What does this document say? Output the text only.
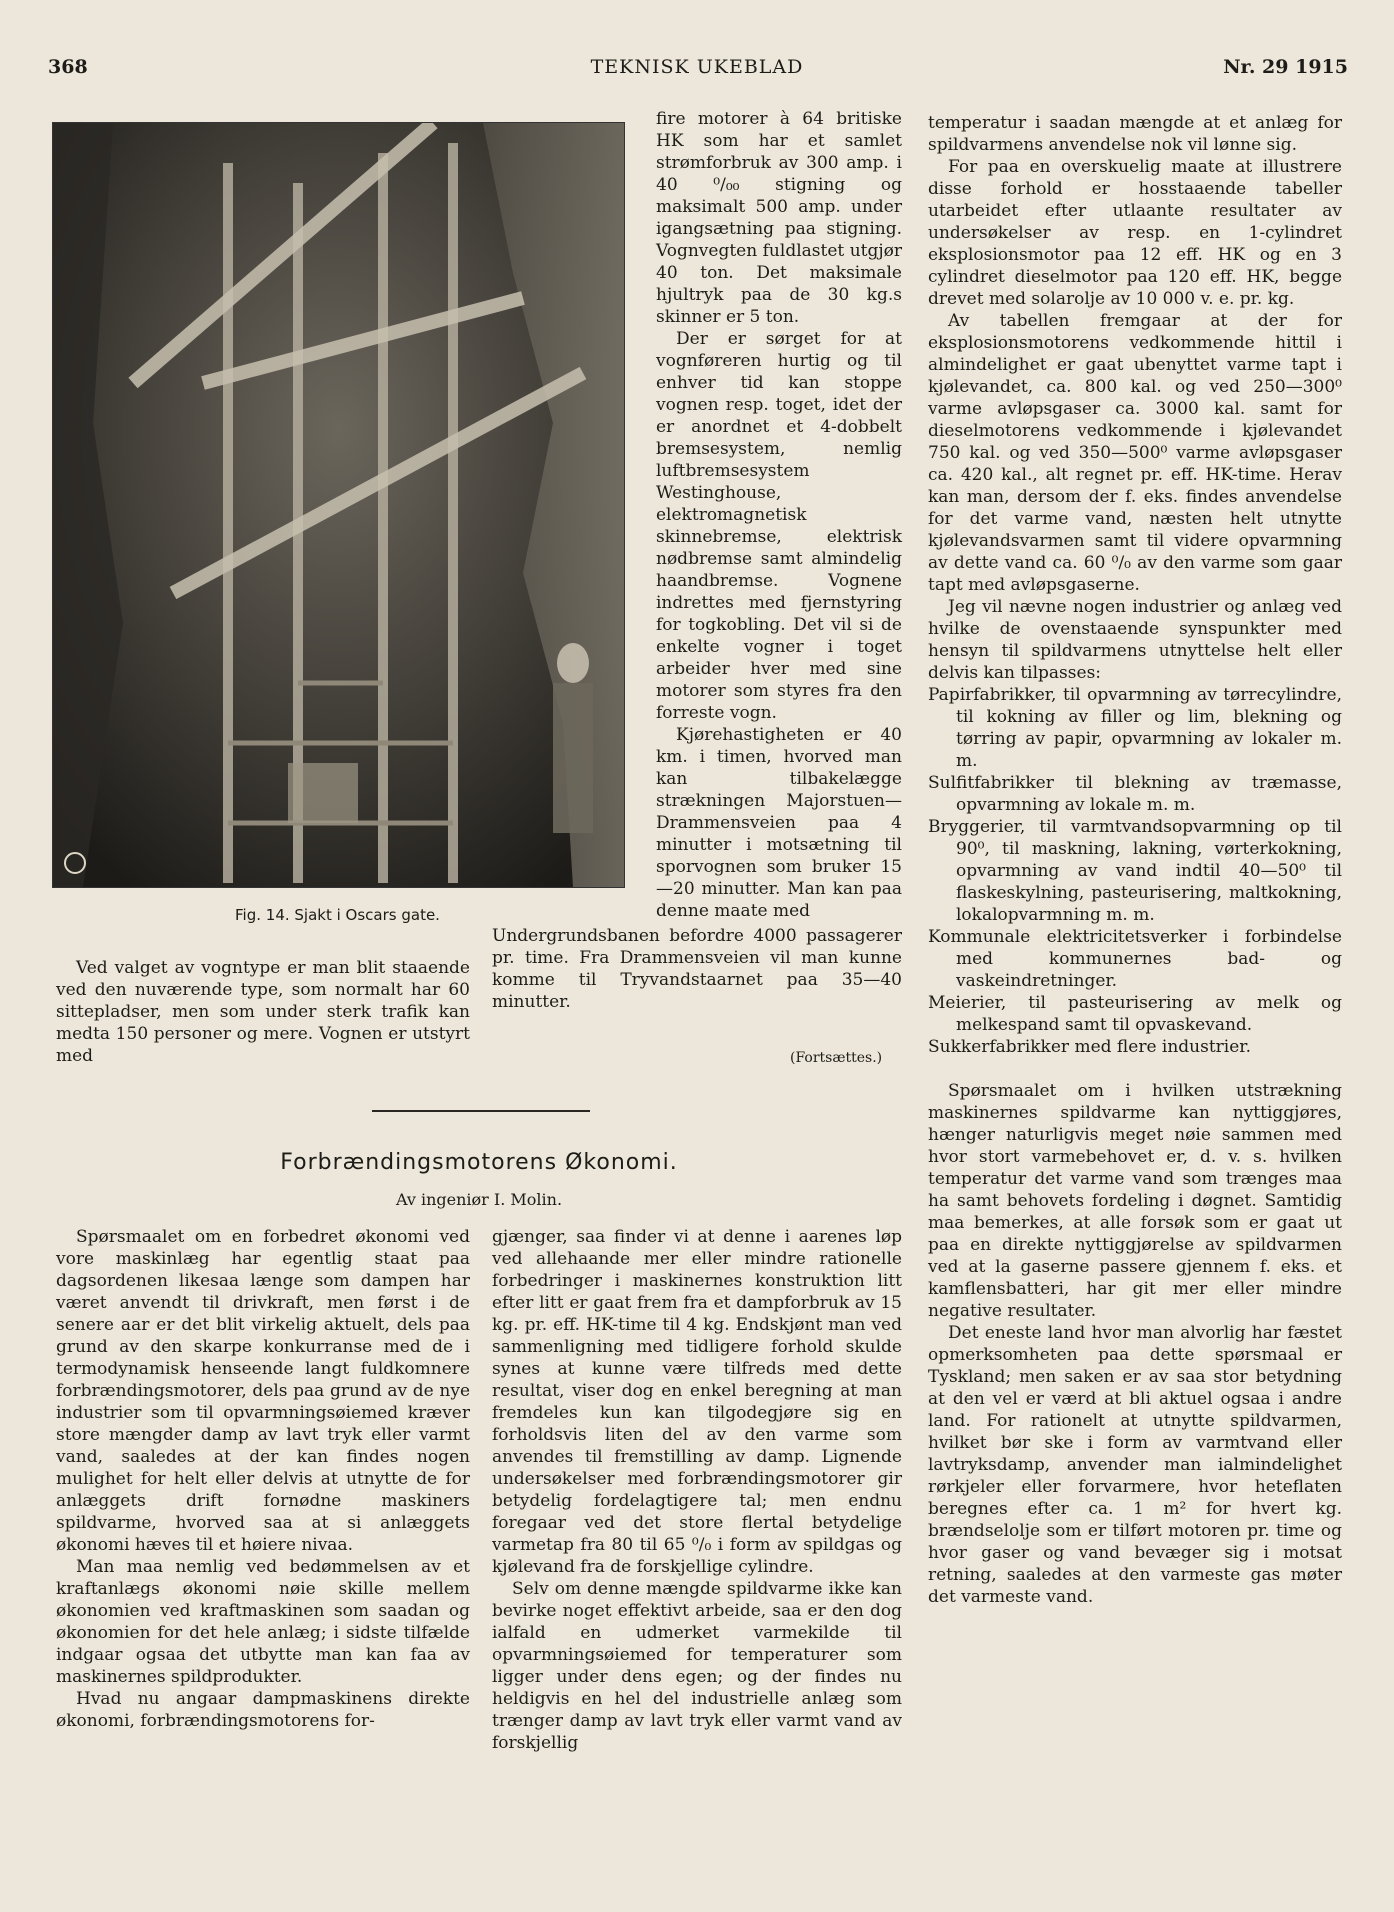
368	TEKNISK UKEBLAD	Nr. 29 1915
Fig. 14. Sjakt i Oscars gate.

Ved valget av vogntype er man blit staaende ved den nuværende type, som normalt har 60 sittepladser, men som under sterk trafik kan medta 150 personer og mere. Vognen er utstyrt med

fire motorer à 64 britiske HK som har et samlet strømforbruk av 300 amp. i 40 ⁰/₀₀ stigning og maksimalt 500 amp. under igangsætning paa stigning. Vognvegten fuldlastet utgjør 40 ton. Det maksimale hjultryk paa de 30 kg.s skinner er 5 ton.

Der er sørget for at vognføreren hurtig og til enhver tid kan stoppe vognen resp. toget, idet der er anordnet et 4-dobbelt bremsesystem, nemlig luftbremsesystem Westinghouse, elektromagnetisk skinnebremse, elektrisk nødbremse samt almindelig haandbremse. Vognene indrettes med fjernstyring for togkobling. Det vil si de enkelte vogner i toget arbeider hver med sine motorer som styres fra den forreste vogn.

Kjørehastigheten er 40 km. i timen, hvorved man kan tilbakelægge strækningen Majorstuen—Drammensveien paa 4 minutter i motsætning til sporvognen som bruker 15—20 minutter. Man kan paa denne maate med

Undergrundsbanen befordre 4000 passagerer pr. time. Fra Drammensveien vil man kunne komme til Tryvandstaarnet paa 35—40 minutter.

(Fortsættes.)
Forbrændingsmotorens Økonomi.
Av ingeniør I. Molin.

Spørsmaalet om en forbedret økonomi ved vore maskinlæg har egentlig staat paa dagsordenen likesaa længe som dampen har været anvendt til drivkraft, men først i de senere aar er det blit virkelig aktuelt, dels paa grund av den skarpe konkurranse med de i termodynamisk henseende langt fuldkomnere forbrændingsmotorer, dels paa grund av de nye industrier som til opvarmningsøiemed kræver store mængder damp av lavt tryk eller varmt vand, saaledes at der kan findes nogen mulighet for helt eller delvis at utnytte de for anlæggets drift fornødne maskiners spildvarme, hvorved saa at si anlæggets økonomi hæves til et høiere nivaa.

Man maa nemlig ved bedømmelsen av et kraftanlægs økonomi nøie skille mellem økonomien ved kraftmaskinen som saadan og økonomien for det hele anlæg; i sidste tilfælde indgaar ogsaa det utbytte man kan faa av maskinernes spildprodukter.

Hvad nu angaar dampmaskinens direkte økonomi, forbrændingsmotorens for-

gjænger, saa finder vi at denne i aarenes løp ved allehaande mer eller mindre rationelle forbedringer i maskinernes konstruktion litt efter litt er gaat frem fra et dampforbruk av 15 kg. pr. eff. HK-time til 4 kg. Endskjønt man ved sammenligning med tidligere forhold skulde synes at kunne være tilfreds med dette resultat, viser dog en enkel beregning at man fremdeles kun kan tilgodegjøre sig en forholdsvis liten del av den varme som anvendes til fremstilling av damp. Lignende undersøkelser med forbrændingsmotorer gir betydelig fordelagtigere tal; men endnu foregaar ved det store flertal betydelige varmetap fra 80 til 65 ⁰/₀ i form av spildgas og kjølevand fra de forskjellige cylindre.

Selv om denne mængde spildvarme ikke kan bevirke noget effektivt arbeide, saa er den dog ialfald en udmerket varmekilde til opvarmningsøiemed for temperaturer som ligger under dens egen; og der findes nu heldigvis en hel del industrielle anlæg som trænger damp av lavt tryk eller varmt vand av forskjellig

temperatur i saadan mængde at et anlæg for spildvarmens anvendelse nok vil lønne sig.

For paa en overskuelig maate at illustrere disse forhold er hosstaaende tabeller utarbeidet efter utlaante resultater av undersøkelser av resp. en 1-cylindret eksplosionsmotor paa 12 eff. HK og en 3 cylindret dieselmotor paa 120 eff. HK, begge drevet med solarolje av 10 000 v. e. pr. kg.

Av tabellen fremgaar at der for eksplosionsmotorens vedkommende hittil i almindelighet er gaat ubenyttet varme tapt i kjølevandet, ca. 800 kal. og ved 250—300⁰ varme avløpsgaser ca. 3000 kal. samt for dieselmotorens vedkommende i kjølevandet 750 kal. og ved 350—500⁰ varme avløpsgaser ca. 420 kal., alt regnet pr. eff. HK-time. Herav kan man, dersom der f. eks. findes anvendelse for det varme vand, næsten helt utnytte kjølevandsvarmen samt til videre opvarmning av dette vand ca. 60 ⁰/₀ av den varme som gaar tapt med avløpsgaserne.

Jeg vil nævne nogen industrier og anlæg ved hvilke de ovenstaaende synspunkter med hensyn til spildvarmens utnyttelse helt eller delvis kan tilpasses:

Papirfabrikker, til opvarmning av tørrecylindre, til kokning av filler og lim, blekning og tørring av papir, opvarmning av lokaler m. m.

Sulfitfabrikker til blekning av træmasse, opvarmning av lokale m. m.

Bryggerier, til varmtvandsopvarmning op til 90⁰, til maskning, lakning, vørterkokning, opvarmning av vand indtil 40—50⁰ til flaskeskylning, pasteurisering, maltkokning, lokalopvarmning m. m.

Kommunale elektricitetsverker i forbindelse med kommunernes bad- og vaskeindretninger.

Meierier, til pasteurisering av melk og melkespand samt til opvaskevand.

Sukkerfabrikker med flere industrier.

Spørsmaalet om i hvilken utstrækning maskinernes spildvarme kan nyttiggjøres, hænger naturligvis meget nøie sammen med hvor stort varmebehovet er, d. v. s. hvilken temperatur det varme vand som trænges maa ha samt behovets fordeling i døgnet. Samtidig maa bemerkes, at alle forsøk som er gaat ut paa en direkte nyttiggjørelse av spildvarmen ved at la gaserne passere gjennem f. eks. et kamflensbatteri, har git mer eller mindre negative resultater.

Det eneste land hvor man alvorlig har fæstet opmerksomheten paa dette spørsmaal er Tyskland; men saken er av saa stor betydning at den vel er værd at bli aktuel ogsaa i andre land. For rationelt at utnytte spildvarmen, hvilket bør ske i form av varmtvand eller lavtryksdamp, anvender man ialmindelighet rørkjeler eller forvarmere, hvor heteflaten beregnes efter ca. 1 m² for hvert kg. brændselolje som er tilført motoren pr. time og hvor gaser og vand bevæger sig i motsat retning, saaledes at den varmeste gas møter det varmeste vand.
